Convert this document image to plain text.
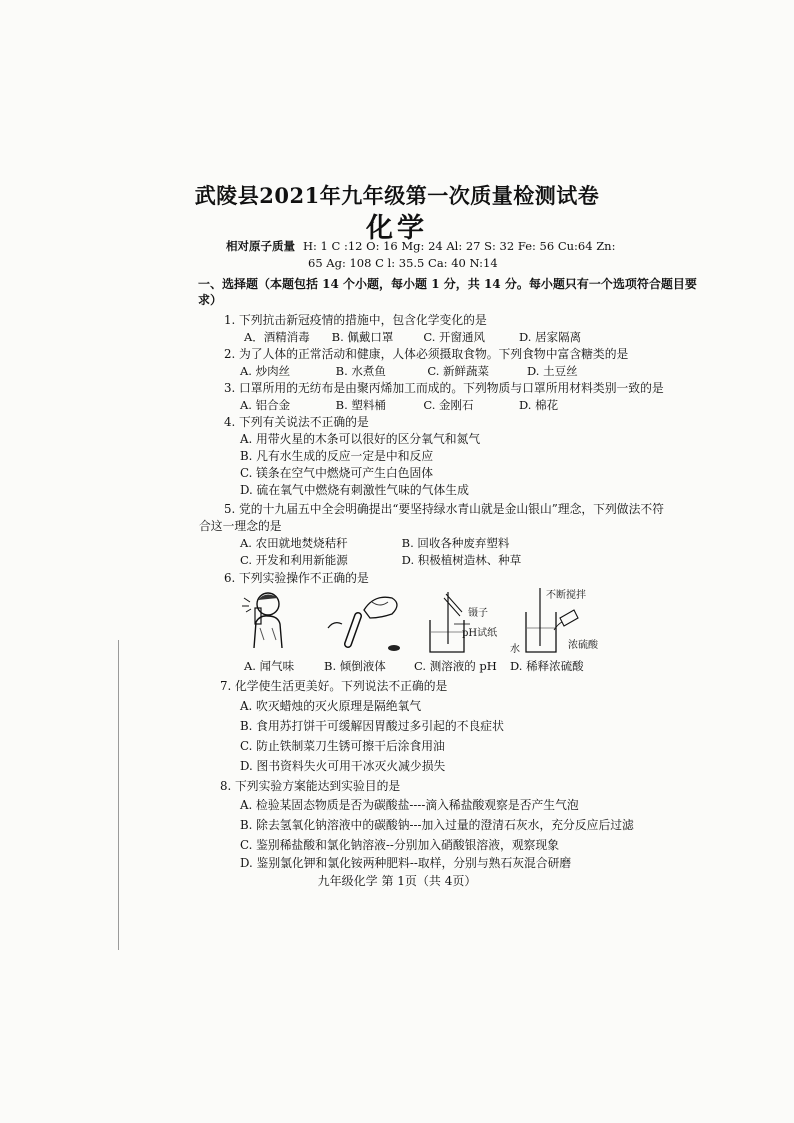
武陵县2021年九年级第一次质量检测试卷
化学
相对原子质量 H: 1 C :12 O: 16 Mg: 24 Al: 27 S: 32 Fe: 56 Cu:64 Zn:
65 Ag: 108 C l: 35.5 Ca: 40 N:14
一、选择题（本题包括 14 个小题，每小题 1 分，共 14 分。每小题只有一个选项符合题目要求）
1. 下列抗击新冠疫情的措施中，包含化学变化的是
A．酒精消毒 B. 佩戴口罩	C. 开窗通风	D. 居家隔离
2. 为了人体的正常活动和健康，人体必须摄取食物。下列食物中富含糖类的是
A. 炒肉丝	B. 水煮鱼	C. 新鲜蔬菜	D. 土豆丝
3. 口罩所用的无纺布是由聚丙烯加工而成的。下列物质与口罩所用材料类别一致的是
A. 铝合金	B. 塑料桶	C. 金刚石	D. 棉花
4. 下列有关说法不正确的是
A. 用带火星的木条可以很好的区分氧气和氮气
B. 凡有水生成的反应一定是中和反应
C. 镁条在空气中燃烧可产生白色固体
D. 硫在氧气中燃烧有刺激性气味的气体生成
5. 党的十九届五中全会明确提出“要坚持绿水青山就是金山银山”理念，下列做法不符
合这一理念的是
A. 农田就地焚烧秸秆	B. 回收各种废弃塑料
C. 开发和利用新能源	D. 积极植树造林、种草
6. 下列实验操作不正确的是
镊子
pH试纸
不断搅拌
水	浓硫酸
A. 闻气味	B. 倾倒液体 C. 测溶液的 pH D. 稀释浓硫酸
7. 化学使生活更美好。下列说法不正确的是
A. 吹灭蜡烛的灭火原理是隔绝氧气
B. 食用苏打饼干可缓解因胃酸过多引起的不良症状
C. 防止铁制菜刀生锈可擦干后涂食用油
D. 图书资料失火可用干冰灭火减少损失
8. 下列实验方案能达到实验目的是
A. 检验某固态物质是否为碳酸盐----滴入稀盐酸观察是否产生气泡
B. 除去氢氧化钠溶液中的碳酸钠---加入过量的澄清石灰水，充分反应后过滤
C. 鉴别稀盐酸和氯化钠溶液--分别加入硝酸银溶液，观察现象
D. 鉴别氯化钾和氯化铵两种肥料--取样，分别与熟石灰混合研磨
九年级化学 第 1页（共 4页）
